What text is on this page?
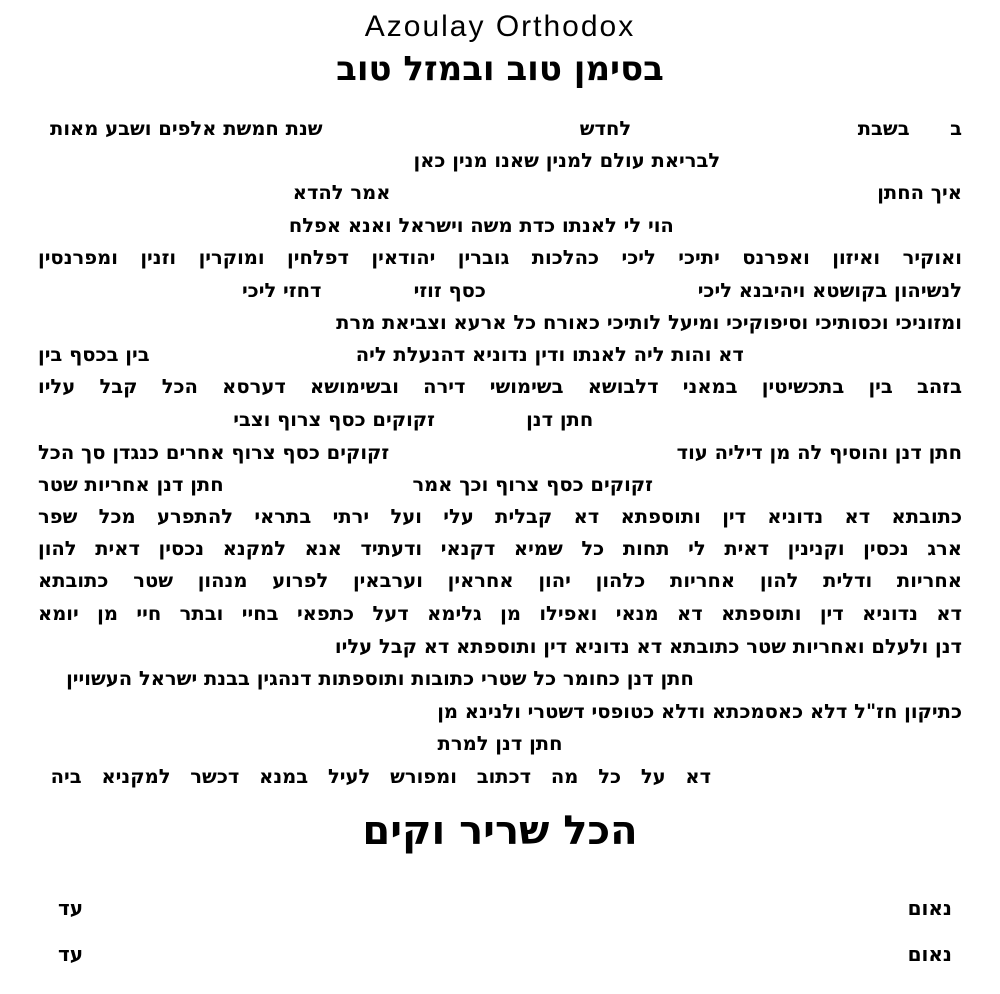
Azoulay Orthodox
בסימן טוב ובמזל טוב
ב
בשבת
לחדש
שנת חמשת אלפים ושבע מאות
לבריאת עולם למנין שאנו מנין כאן
איך החתן
אמר להדא
הוי לי לאנתו כדת משה וישראל ואנא אפלח
ואוקיר ואיזון ואפרנס יתיכי ליכי כהלכות גוברין יהודאין דפלחין ומוקרין וזנין ומפרנסין
לנשיהון בקושטא ויהיבנא ליכי
כסף זוזי
דחזי ליכי
ומזוניכי וכסותיכי וסיפוקיכי ומיעל לותיכי כאורח כל ארעא וצביאת מרת
דא והות ליה לאנתו ודין נדוניא דהנעלת ליה
בין בכסף בין
בזהב בין בתכשיטין במאני דלבושא בשימושי דירה ובשימושא דערסא הכל קבל עליו
חתן דנן
זקוקים כסף צרוף וצבי
חתן דנן והוסיף לה מן דיליה עוד
זקוקים כסף צרוף אחרים כנגדן סך הכל
זקוקים כסף צרוף וכך אמר
חתן דנן אחריות שטר
כתובתא דא נדוניא דין ותוספתא דא קבלית עלי ועל ירתי בתראי להתפרע מכל שפר
ארג נכסין וקנינין דאית לי תחות כל שמיא דקנאי ודעתיד אנא למקנא נכסין דאית להון
אחריות ודלית להון אחריות כלהון יהון אחראין וערבאין לפרוע מנהון שטר כתובתא
דא נדוניא דין ותוספתא דא מנאי ואפילו מן גלימא דעל כתפאי בחיי ובתר חיי מן יומא
דנן ולעלם ואחריות שטר כתובתא דא נדוניא דין ותוספתא דא קבל עליו
חתן דנן כחומר כל שטרי כתובות ותוספתות דנהגין בבנת ישראל העשויין
כתיקון חז"ל דלא כאסמכתא ודלא כטופסי דשטרי ולנינא מן
חתן דנן למרת
דא על כל מה דכתוב ומפורש לעיל במנא דכשר למקניא ביה
הכל שריר וקים
נאום
עד
נאום
עד
